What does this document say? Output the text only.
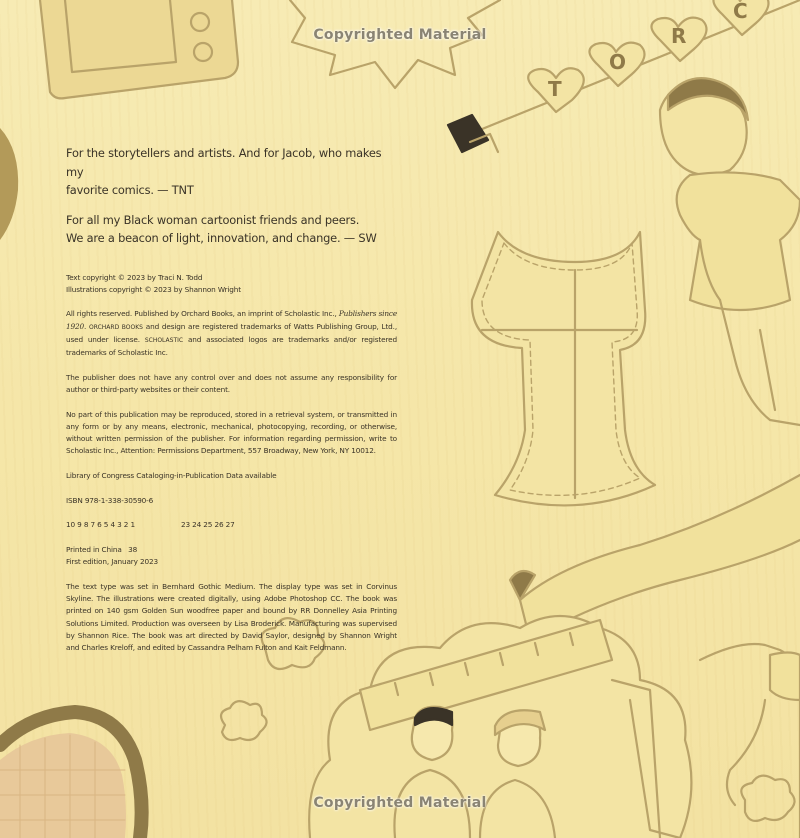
T
O
R
C
Copyrighted Material
Copyrighted Material

For the storytellers and artists. And for Jacob, who makes my

favorite comics. — TNT

For all my Black woman cartoonist friends and peers.

We are a beacon of light, innovation, and change. — SW

Text copyright © 2023 by Traci N. Todd

Illustrations copyright © 2023 by Shannon Wright

All rights reserved. Published by Orchard Books, an imprint of Scholastic Inc., Publishers since 1920. ORCHARD BOOKS and design are registered trademarks of Watts Publishing Group, Ltd., used under license. SCHOLASTIC and associated logos are trademarks and/or registered trademarks of Scholastic Inc.

The publisher does not have any control over and does not assume any responsibility for author or third-party websites or their content.

No part of this publication may be reproduced, stored in a retrieval system, or transmitted in any form or by any means, electronic, mechanical, photocopying, recording, or otherwise, without written permission of the publisher. For information regarding permission, write to Scholastic Inc., Attention: Permissions Department, 557 Broadway, New York, NY 10012.

Library of Congress Cataloging-in-Publication Data available

ISBN 978-1-338-30590-6

10 9 8 7 6 5 4 3 2 1	23 24 25 26 27

Printed in China   38

First edition, January 2023

The text type was set in Bernhard Gothic Medium. The display type was set in Corvinus Skyline. The illustrations were created digitally, using Adobe Photoshop CC. The book was printed on 140 gsm Golden Sun woodfree paper and bound by RR Donnelley Asia Printing Solutions Limited. Production was overseen by Lisa Broderick. Manufacturing was supervised by Shannon Rice. The book was art directed by David Saylor, designed by Shannon Wright and Charles Kreloff, and edited by Cassandra Pelham Fulton and Kait Feldmann.
